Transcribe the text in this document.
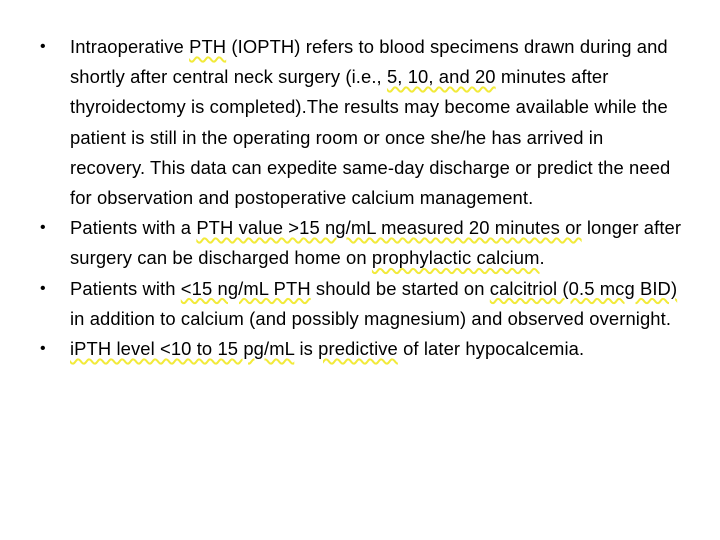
• Intraoperative PTH (IOPTH) refers to blood specimens drawn during and shortly after central neck surgery (i.e., 5, 10, and 20 minutes after thyroidectomy is completed).The results may become available while the patient is still in the operating room or once she/he has arrived in recovery. This data can expedite same-day discharge or predict the need for observation and postoperative calcium management.
• Patients with a PTH value >15 ng/mL measured 20 minutes or longer after surgery can be discharged home on prophylactic calcium.
• Patients with <15 ng/mL PTH should be started on calcitriol (0.5 mcg BID) in addition to calcium (and possibly magnesium) and observed overnight.
• iPTH level <10 to 15 pg/mL is predictive of later hypocalcemia.
